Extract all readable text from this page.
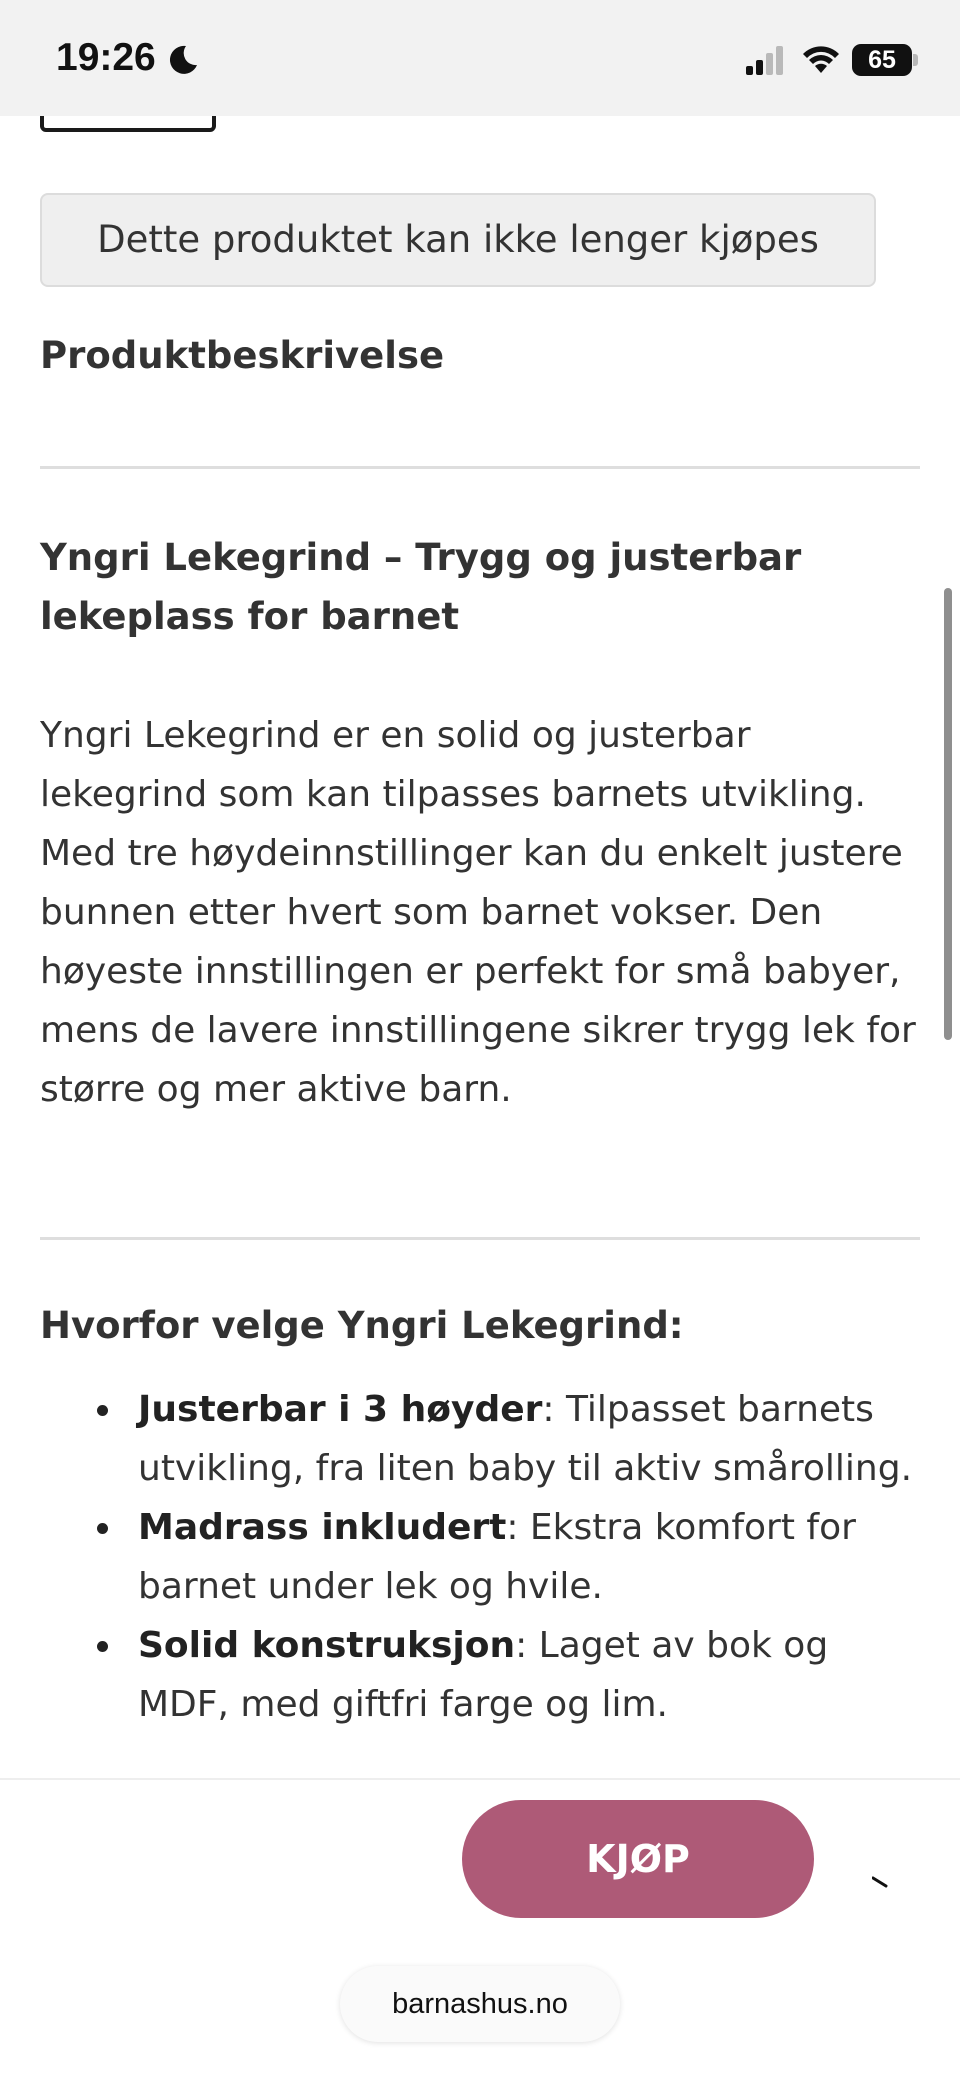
19:26	65
Dette produktet kan ikke lenger kjøpes
Produktbeskrivelse
Yngri Lekegrind – Trygg og justerbar lekeplass for barnet

Yngri Lekegrind er en solid og justerbar lekegrind som kan tilpasses barnets utvikling. Med tre høydeinnstillinger kan du enkelt justere bunnen etter hvert som barnet vokser. Den høyeste innstillingen er perfekt for små babyer, mens de lavere innstillingene sikrer trygg lek for større og mer aktive barn.

Hvorfor velge Yngri Lekegrind:
Justerbar i 3 høyder: Tilpasset barnets utvikling, fra liten baby til aktiv smårolling.
Madrass inkludert: Ekstra komfort for barnet under lek og hvile.
Solid konstruksjon: Laget av bok og MDF, med giftfri farge og lim.
KJØP
barnashus.no
